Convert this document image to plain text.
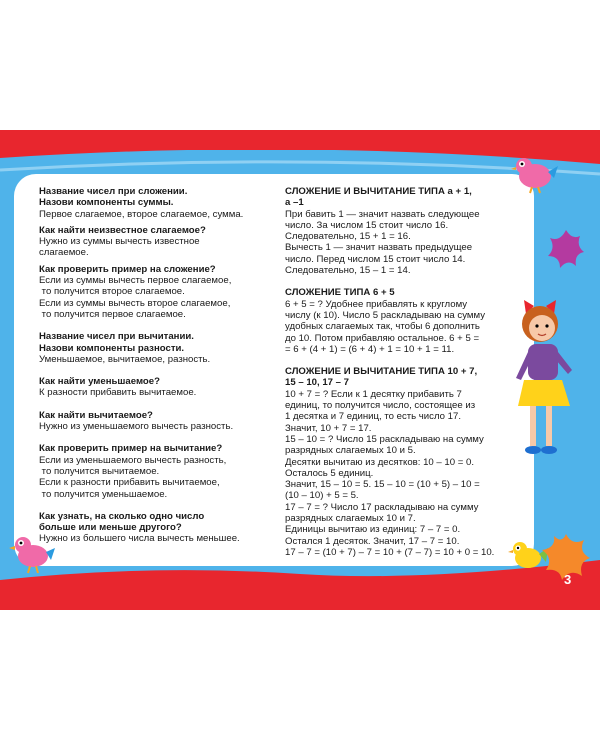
Название чисел при сложении.
Назови компоненты суммы.
Первое слагаемое, второе слагаемое, сумма.
Как найти неизвестное слагаемое?
Нужно из суммы вычесть известное
слагаемое.
Как проверить пример на сложение?
Если из суммы вычесть первое слагаемое,
то получится второе слагаемое.
Если из суммы вычесть второе слагаемое,
то получится первое слагаемое.
Название чисел при вычитании.
Назови компоненты разности.
Уменьшаемое, вычитаемое, разность.
Как найти уменьшаемое?
К разности прибавить вычитаемое.
Как найти вычитаемое?
Нужно из уменьшаемого вычесть разность.
Как проверить пример на вычитание?
Если из уменьшаемого вычесть разность,
то получится вычитаемое.
Если к разности прибавить вычитаемое,
то получится уменьшаемое.
Как узнать, на сколько одно число
больше или меньше другого?
Нужно из большего числа вычесть меньшее.
СЛОЖЕНИЕ И ВЫЧИТАНИЕ ТИПА а + 1,
а –1
При бавить 1 — значит назвать следующее
число. За числом 15 стоит число 16.
Следовательно, 15 + 1 = 16.
Вычесть 1 — значит назвать предыдущее
число. Перед числом 15 стоит число 14.
Следовательно, 15 – 1 = 14.
СЛОЖЕНИЕ ТИПА 6 + 5
6 + 5 = ? Удобнее прибавлять к круглому
числу (к 10). Число 5 раскладываю на сумму
удобных слагаемых так, чтобы 6 дополнить
до 10. Потом прибавляю остальное. 6 + 5 =
= 6 + (4 + 1) = (6 + 4) + 1 = 10 + 1 = 11.
СЛОЖЕНИЕ И ВЫЧИТАНИЕ ТИПА 10 + 7,
15 – 10, 17 – 7
10 + 7 = ? Если к 1 десятку прибавить 7
единиц, то получится число, состоящее из
1 десятка и 7 единиц, то есть число 17.
Значит, 10 + 7 = 17.
15 – 10 = ? Число 15 раскладываю на сумму
разрядных слагаемых 10 и 5.
Десятки вычитаю из десятков: 10 – 10 = 0.
Осталось 5 единиц.
Значит, 15 – 10 = 5. 15 – 10 = (10 + 5) – 10 =
(10 – 10) + 5 = 5.
17 – 7 = ? Число 17 раскладываю на сумму
разрядных слагаемых 10 и 7.
Единицы вычитаю из единиц: 7 – 7 = 0.
Остался 1 десяток. Значит, 17 – 7 = 10.
17 – 7 = (10 + 7) – 7 = 10 + (7 – 7) = 10 + 0 = 10.
3
